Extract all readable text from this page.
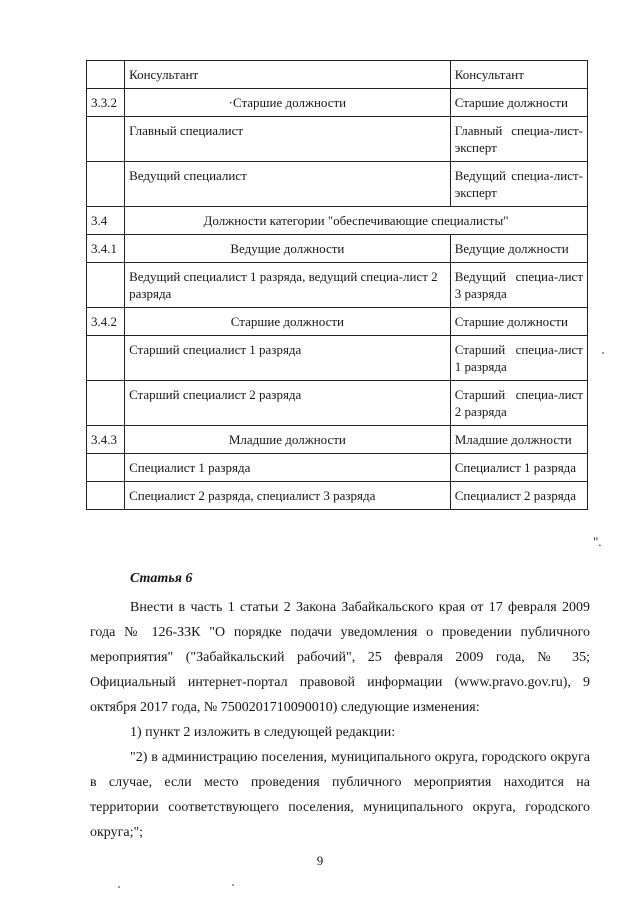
	Консультант	Консультант
3.3.2	·Старшие должности	Старшие должности
	Главный специалист	Главный специа-лист-эксперт
	Ведущий специалист	Ведущий специа-лист-эксперт
3.4	Должности категории "обеспечивающие специалисты"	
3.4.1	Ведущие должности	Ведущие должности
	Ведущий специалист 1 разряда, ведущий специа-лист 2 разряда	Ведущий специа-лист 3 разряда
3.4.2	Старшие должности	Старшие должности
	Старший специалист 1 разряда	Старший специа-лист 1 разряда
	Старший специалист 2 разряда	Старший специа-лист 2 разряда
3.4.3	Младшие должности	Младшие должности
	Специалист 1 разряда	Специалист 1 разряда
	Специалист 2 разряда, специалист 3 разряда	Специалист 2 разряда
".
Статья 6

Внести в часть 1 статьи 2 Закона Забайкальского края от 17 февраля 2009 года № 126-ЗЗК "О порядке подачи уведомления о проведении публичного мероприятия" ("Забайкальский рабочий", 25 февраля 2009 года, № 35; Официальный интернет-портал правовой информации (www.pravo.gov.ru), 9 октября 2017 года, № 7500201710090010) следующие изменения:

1) пункт 2 изложить в следующей редакции:

"2) в администрацию поселения, муниципального округа, городского округа в случае, если место проведения публичного мероприятия находится на территории соответствующего поселения, муниципального округа, городского округа;";

9
